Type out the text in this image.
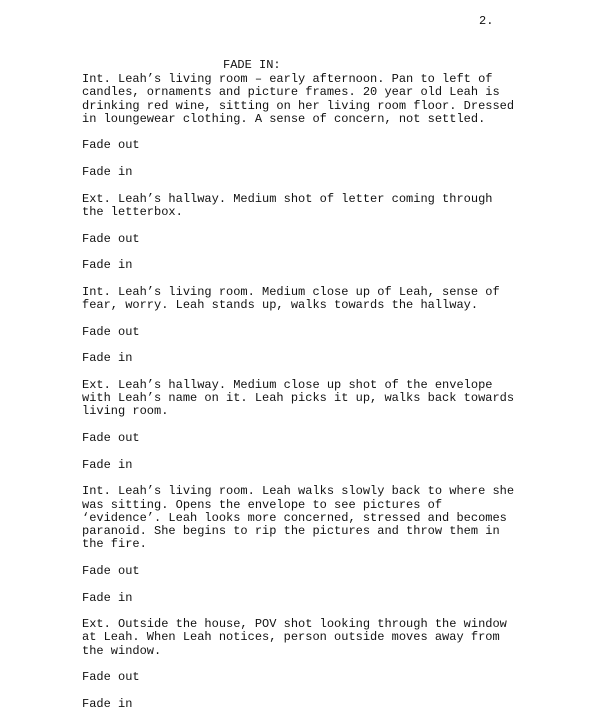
2.
FADE IN:

Int. Leah’s living room – early afternoon. Pan to left of
candles, ornaments and picture frames. 20 year old Leah is
drinking red wine, sitting on her living room floor. Dressed
in loungewear clothing. A sense of concern, not settled.

Fade out

Fade in

Ext. Leah’s hallway. Medium shot of letter coming through
the letterbox.

Fade out

Fade in

Int. Leah’s living room. Medium close up of Leah, sense of
fear, worry. Leah stands up, walks towards the hallway.

Fade out

Fade in

Ext. Leah’s hallway. Medium close up shot of the envelope
with Leah’s name on it. Leah picks it up, walks back towards
living room.

Fade out

Fade in

Int. Leah’s living room. Leah walks slowly back to where she
was sitting. Opens the envelope to see pictures of
‘evidence’. Leah looks more concerned, stressed and becomes
paranoid. She begins to rip the pictures and throw them in
the fire.

Fade out

Fade in

Ext. Outside the house, POV shot looking through the window
at Leah. When Leah notices, person outside moves away from
the window.

Fade out

Fade in
